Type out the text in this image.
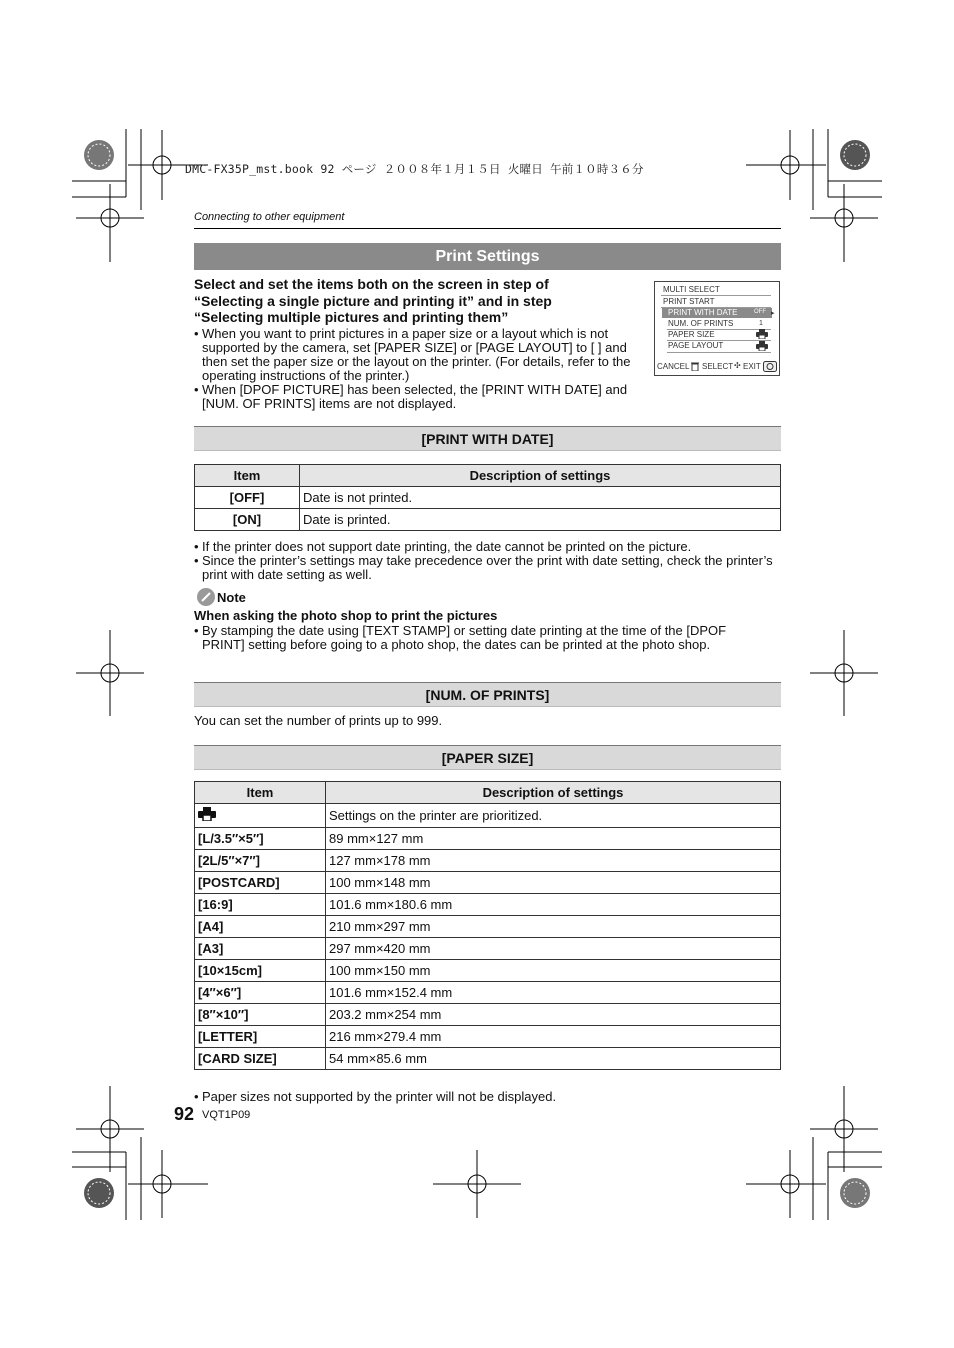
DMC-FX35P_mst.book 92 ページ ２００８年１月１５日 火曜日 午前１０時３６分
Connecting to other equipment
Print Settings
Select and set the items both on the screen in step of
“Selecting a single picture and printing it” and in step
“Selecting multiple pictures and printing them”
• When you want to print pictures in a paper size or a layout which is not supported by the camera, set [PAPER SIZE] or [PAGE LAYOUT] to [ ] and then set the paper size or the layout on the printer. (For details, refer to the operating instructions of the printer.)
• When [DPOF PICTURE] has been selected, the [PRINT WITH DATE] and [NUM. OF PRINTS] items are not displayed.
MULTI SELECT
PRINT START
PRINT WITH DATE	OFF ▸
NUM. OF PRINTS	1
PAPER SIZE
PAGE LAYOUT
CANCEL SELECT ✣ EXIT
[PRINT WITH DATE]
Item	Description of settings
[OFF]	Date is not printed.
[ON]	Date is printed.
• If the printer does not support date printing, the date cannot be printed on the picture.
• Since the printer’s settings may take precedence over the print with date setting, check the printer’s print with date setting as well.
Note
When asking the photo shop to print the pictures
• By stamping the date using [TEXT STAMP] or setting date printing at the time of the [DPOF PRINT] setting before going to a photo shop, the dates can be printed at the photo shop.
[NUM. OF PRINTS]
You can set the number of prints up to 999.
[PAPER SIZE]
Item	Description of settings
	Settings on the printer are prioritized.
[L/3.5″×5″]	89 mm×127 mm
[2L/5″×7″]	127 mm×178 mm
[POSTCARD]	100 mm×148 mm
[16:9]	101.6 mm×180.6 mm
[A4]	210 mm×297 mm
[A3]	297 mm×420 mm
[10×15cm]	100 mm×150 mm
[4″×6″]	101.6 mm×152.4 mm
[8″×10″]	203.2 mm×254 mm
[LETTER]	216 mm×279.4 mm
[CARD SIZE]	54 mm×85.6 mm
• Paper sizes not supported by the printer will not be displayed.
92 VQT1P09
